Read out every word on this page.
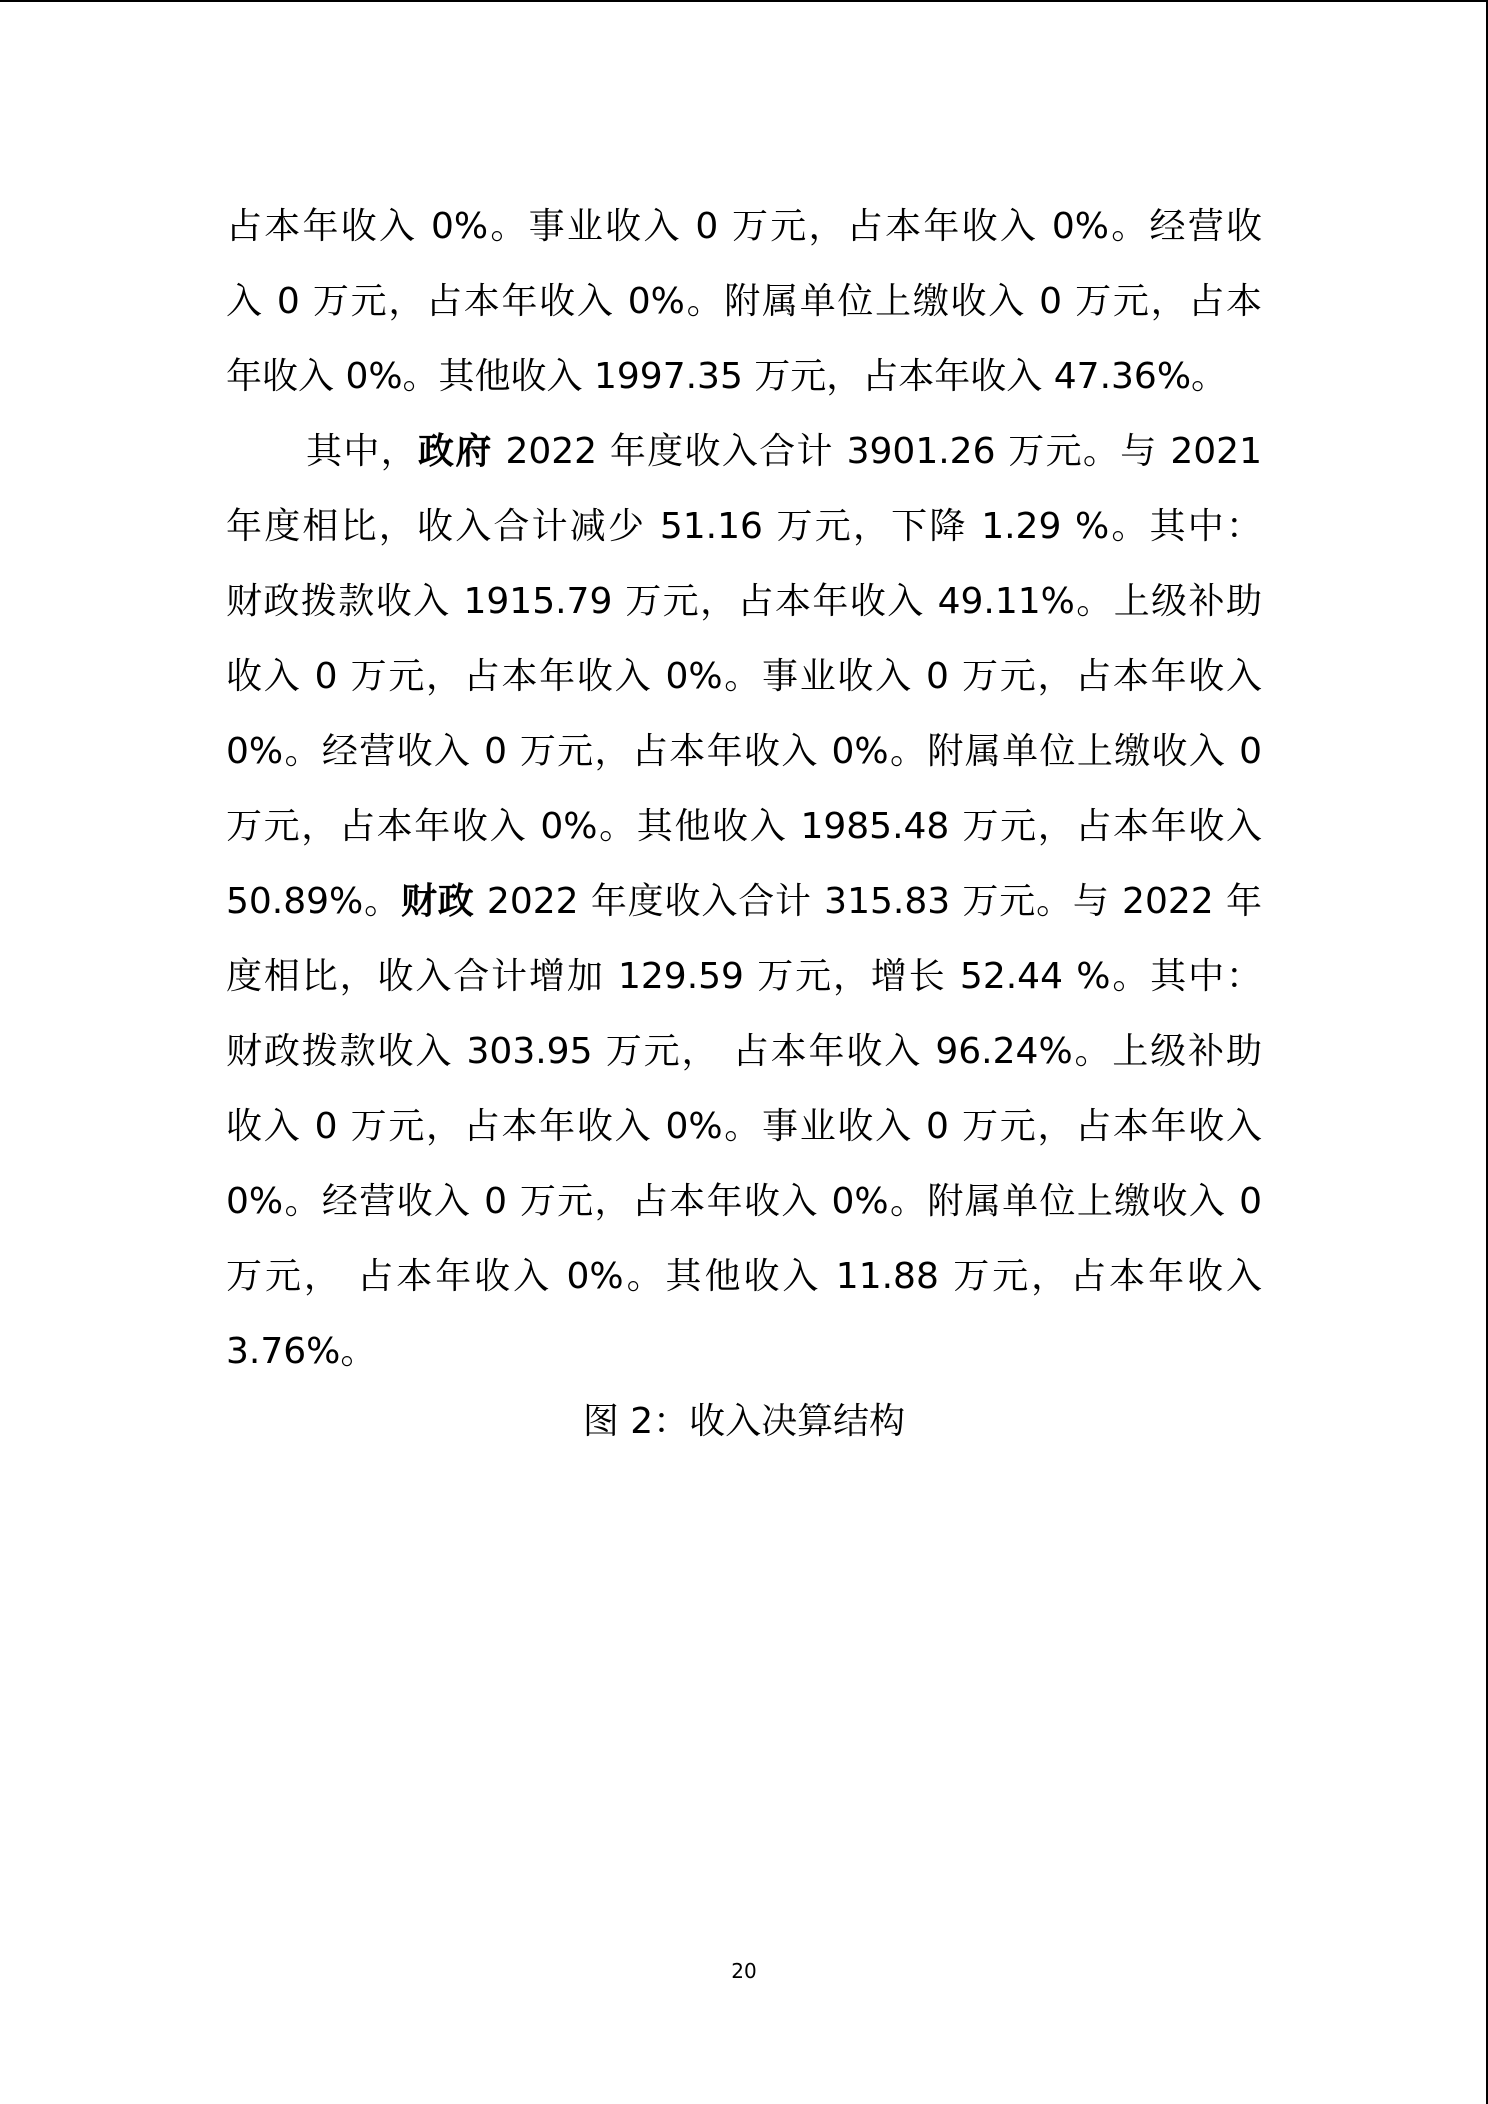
占本年收入 0%。事业收入 0 万元，占本年收入 0%。经营收
入 0 万元，占本年收入 0%。附属单位上缴收入 0 万元，占本
年收入 0%。其他收入 1997.35 万元，占本年收入 47.36%。
其中，政府 2022 年度收入合计 3901.26 万元。与 2021
年度相比，收入合计减少 51.16 万元，下降 1.29 %。其中：
财政拨款收入 1915.79 万元，占本年收入 49.11%。上级补助
收入 0 万元，占本年收入 0%。事业收入 0 万元，占本年收入
0%。经营收入 0 万元，占本年收入 0%。附属单位上缴收入 0
万元，占本年收入 0%。其他收入 1985.48 万元，占本年收入
50.89%。财政 2022 年度收入合计 315.83 万元。与 2022 年
度相比，收入合计增加 129.59 万元，增长 52.44 %。其中：
财政拨款收入 303.95 万元， 占本年收入 96.24%。上级补助
收入 0 万元，占本年收入 0%。事业收入 0 万元，占本年收入
0%。经营收入 0 万元，占本年收入 0%。附属单位上缴收入 0
万元， 占本年收入 0%。其他收入 11.88 万元，占本年收入
3.76%。
图 2：收入决算结构
20
